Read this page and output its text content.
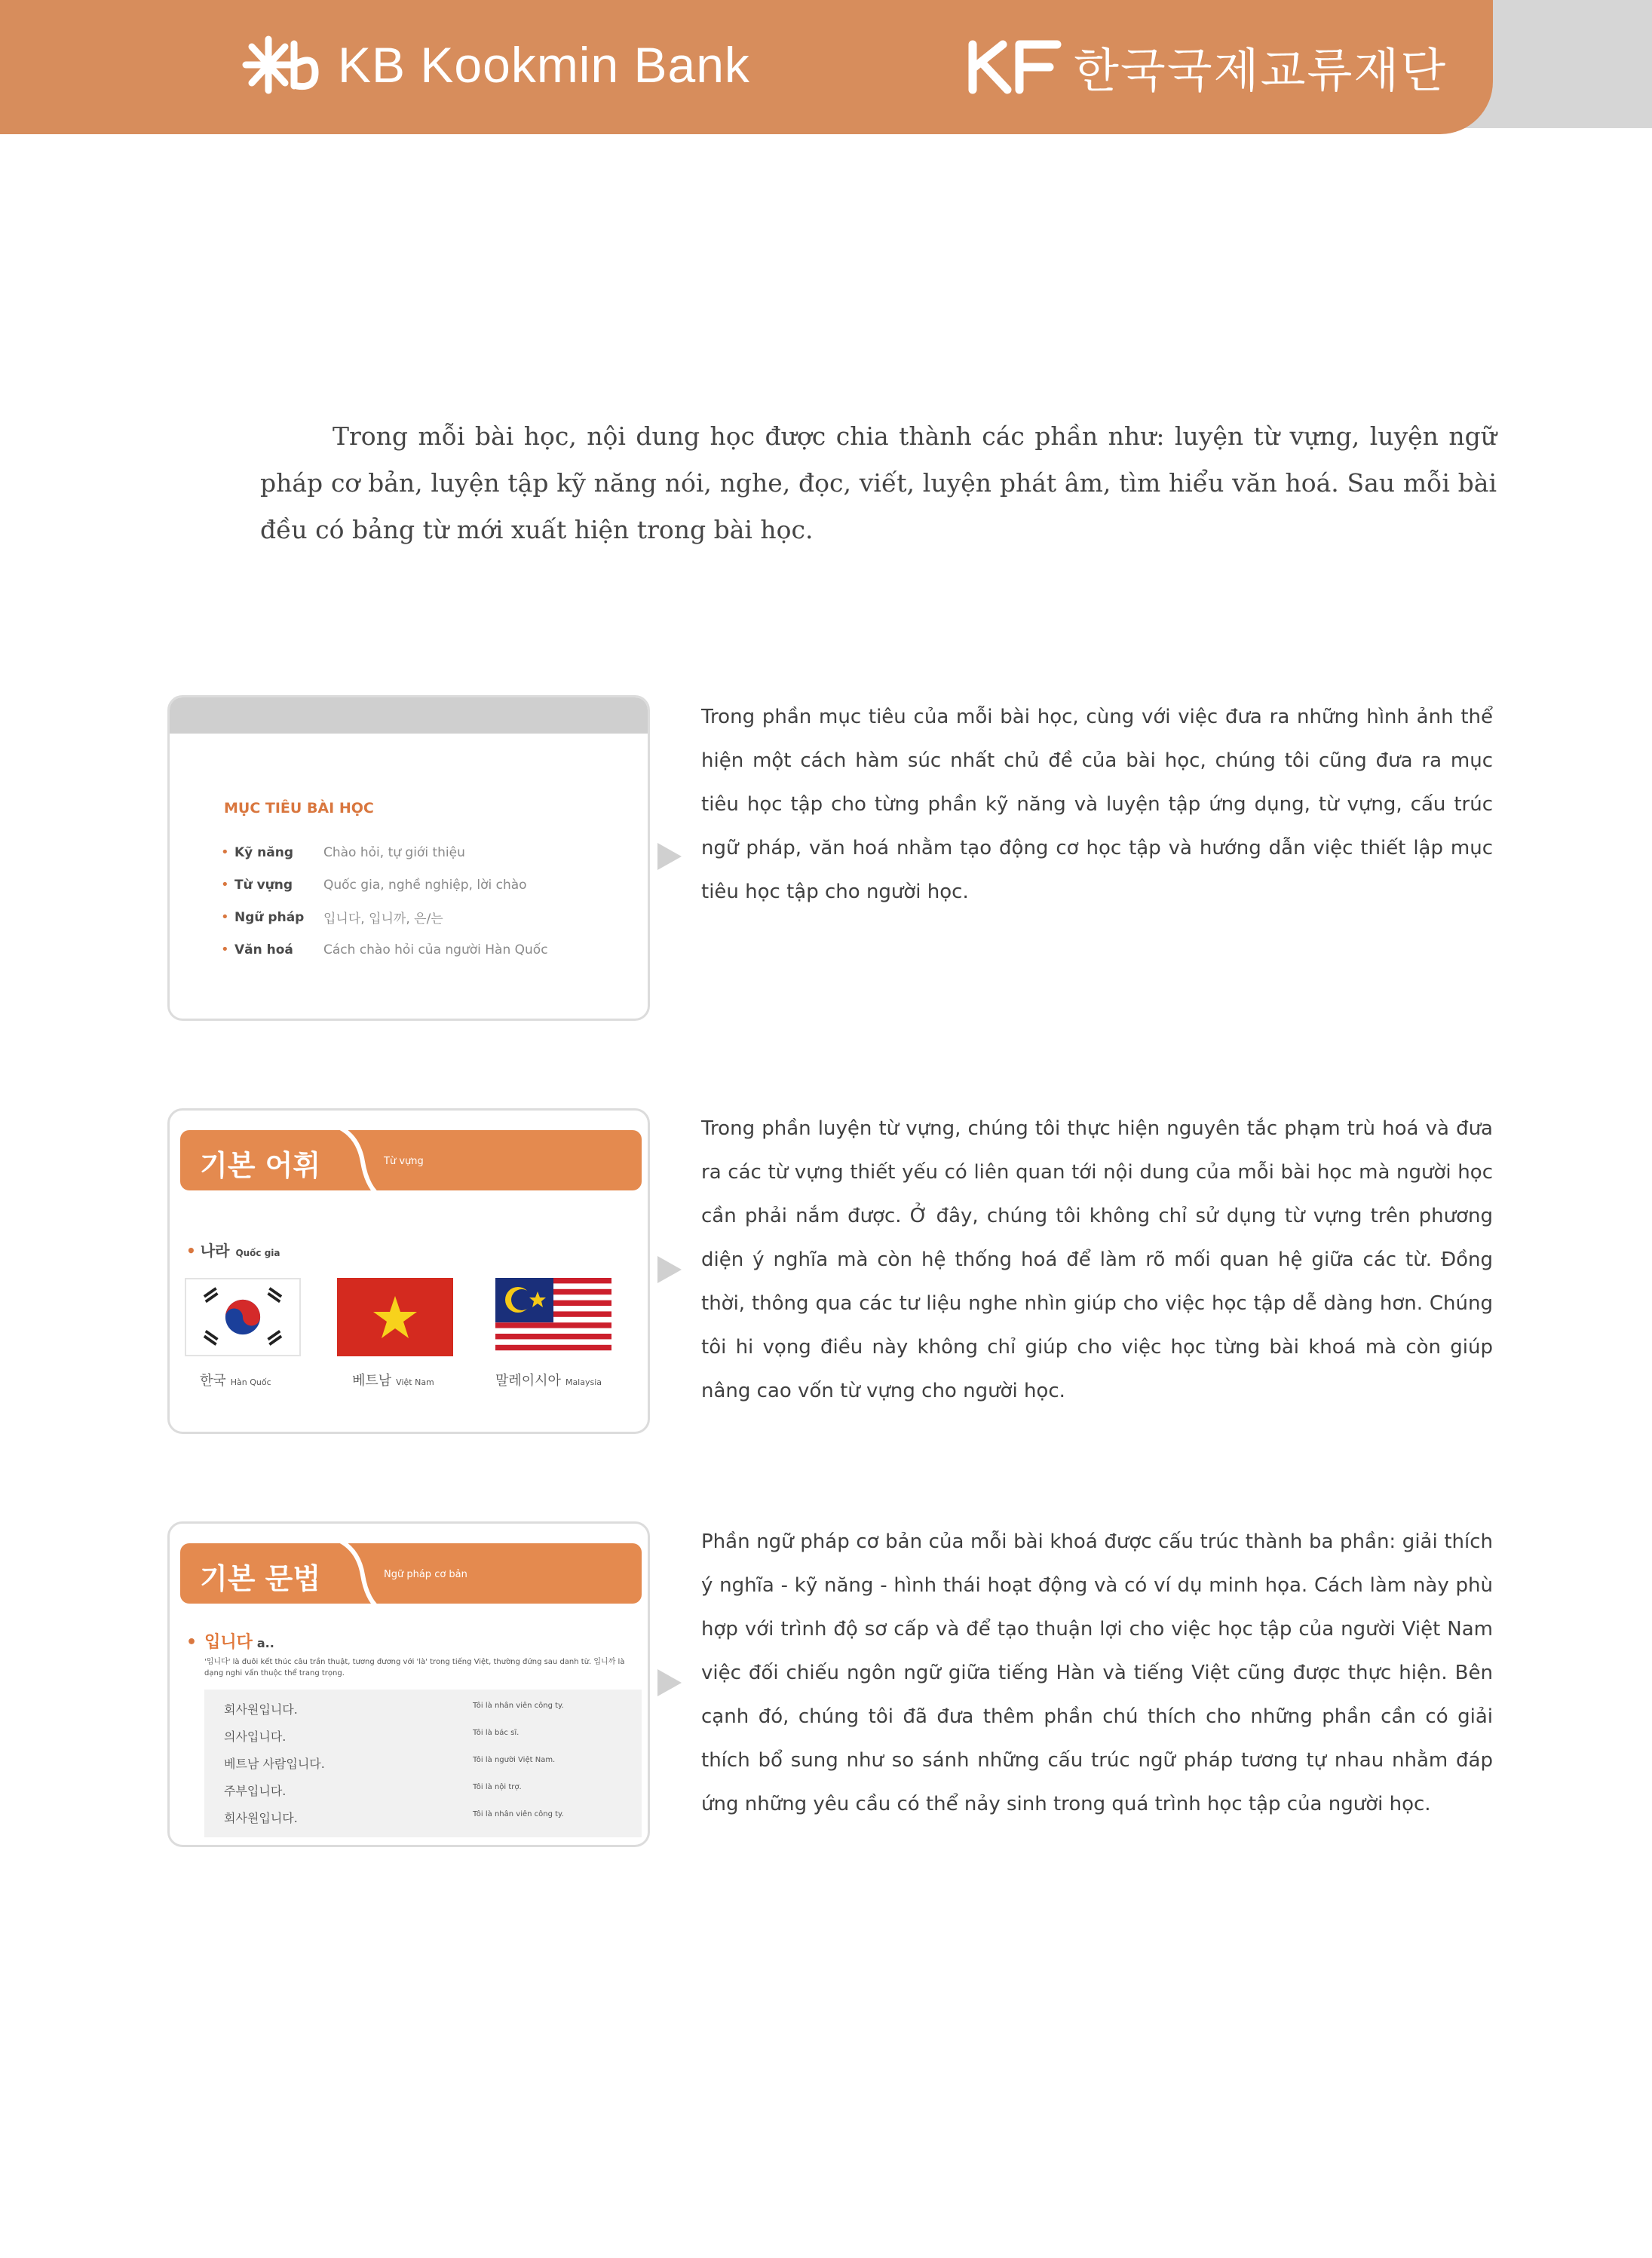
KB Kookmin Bank	한국국제교류재단

Trong mỗi bài học, nội dung học được chia thành các phần như: luyện từ vựng, luyện ngữ pháp cơ bản, luyện tập kỹ năng nói, nghe, đọc, viết, luyện phát âm, tìm hiểu văn hoá. Sau mỗi bài đều có bảng từ mới xuất hiện trong bài học.

MỤC TIÊU BÀI HỌC
• Kỹ năng	Chào hỏi, tự giới thiệu
• Từ vựng	Quốc gia, nghề nghiệp, lời chào
• Ngữ pháp	입니다, 입니까, 은/는
• Văn hoá	Cách chào hỏi của người Hàn Quốc

Trong phần mục tiêu của mỗi bài học, cùng với việc đưa ra những hình ảnh thể hiện một cách hàm súc nhất chủ đề của bài học, chúng tôi cũng đưa ra mục tiêu học tập cho từng phần kỹ năng và luyện tập ứng dụng, từ vựng, cấu trúc ngữ pháp, văn hoá nhằm tạo động cơ học tập và hướng dẫn việc thiết lập mục tiêu học tập cho người học.

기본 어휘	Từ vựng
• 나라 Quốc gia
한국 Hàn Quốc	베트남 Việt Nam	말레이시아 Malaysia

Trong phần luyện từ vựng, chúng tôi thực hiện nguyên tắc phạm trù hoá và đưa ra các từ vựng thiết yếu có liên quan tới nội dung của mỗi bài học mà người học cần phải nắm được. Ở đây, chúng tôi không chỉ sử dụng từ vựng trên phương diện ý nghĩa mà còn hệ thống hoá để làm rõ mối quan hệ giữa các từ. Đồng thời, thông qua các tư liệu nghe nhìn giúp cho việc học tập dễ dàng hơn. Chúng tôi hi vọng điều này không chỉ giúp cho việc học từng bài khoá mà còn giúp nâng cao vốn từ vựng cho người học.

기본 문법	Ngữ pháp cơ bản
• 입니다 a..
'입니다' là đuôi kết thúc câu trần thuật, tương đương với 'là' trong tiếng Việt, thường đứng sau danh từ. 입니까 là dạng nghi vấn thuộc thể trang trọng.
회사원입니다.	Tôi là nhân viên công ty.
의사입니다.	Tôi là bác sĩ.
베트남 사람입니다.	Tôi là người Việt Nam.
주부입니다.	Tôi là nội trợ.
회사원입니다.	Tôi là nhân viên công ty.

Phần ngữ pháp cơ bản của mỗi bài khoá được cấu trúc thành ba phần: giải thích ý nghĩa - kỹ năng - hình thái hoạt động và có ví dụ minh họa. Cách làm này phù hợp với trình độ sơ cấp và để tạo thuận lợi cho việc học tập của người Việt Nam việc đối chiếu ngôn ngữ giữa tiếng Hàn và tiếng Việt cũng được thực hiện. Bên cạnh đó, chúng tôi đã đưa thêm phần chú thích cho những phần cần có giải thích bổ sung như so sánh những cấu trúc ngữ pháp tương tự nhau nhằm đáp ứng những yêu cầu có thể nảy sinh trong quá trình học tập của người học.
